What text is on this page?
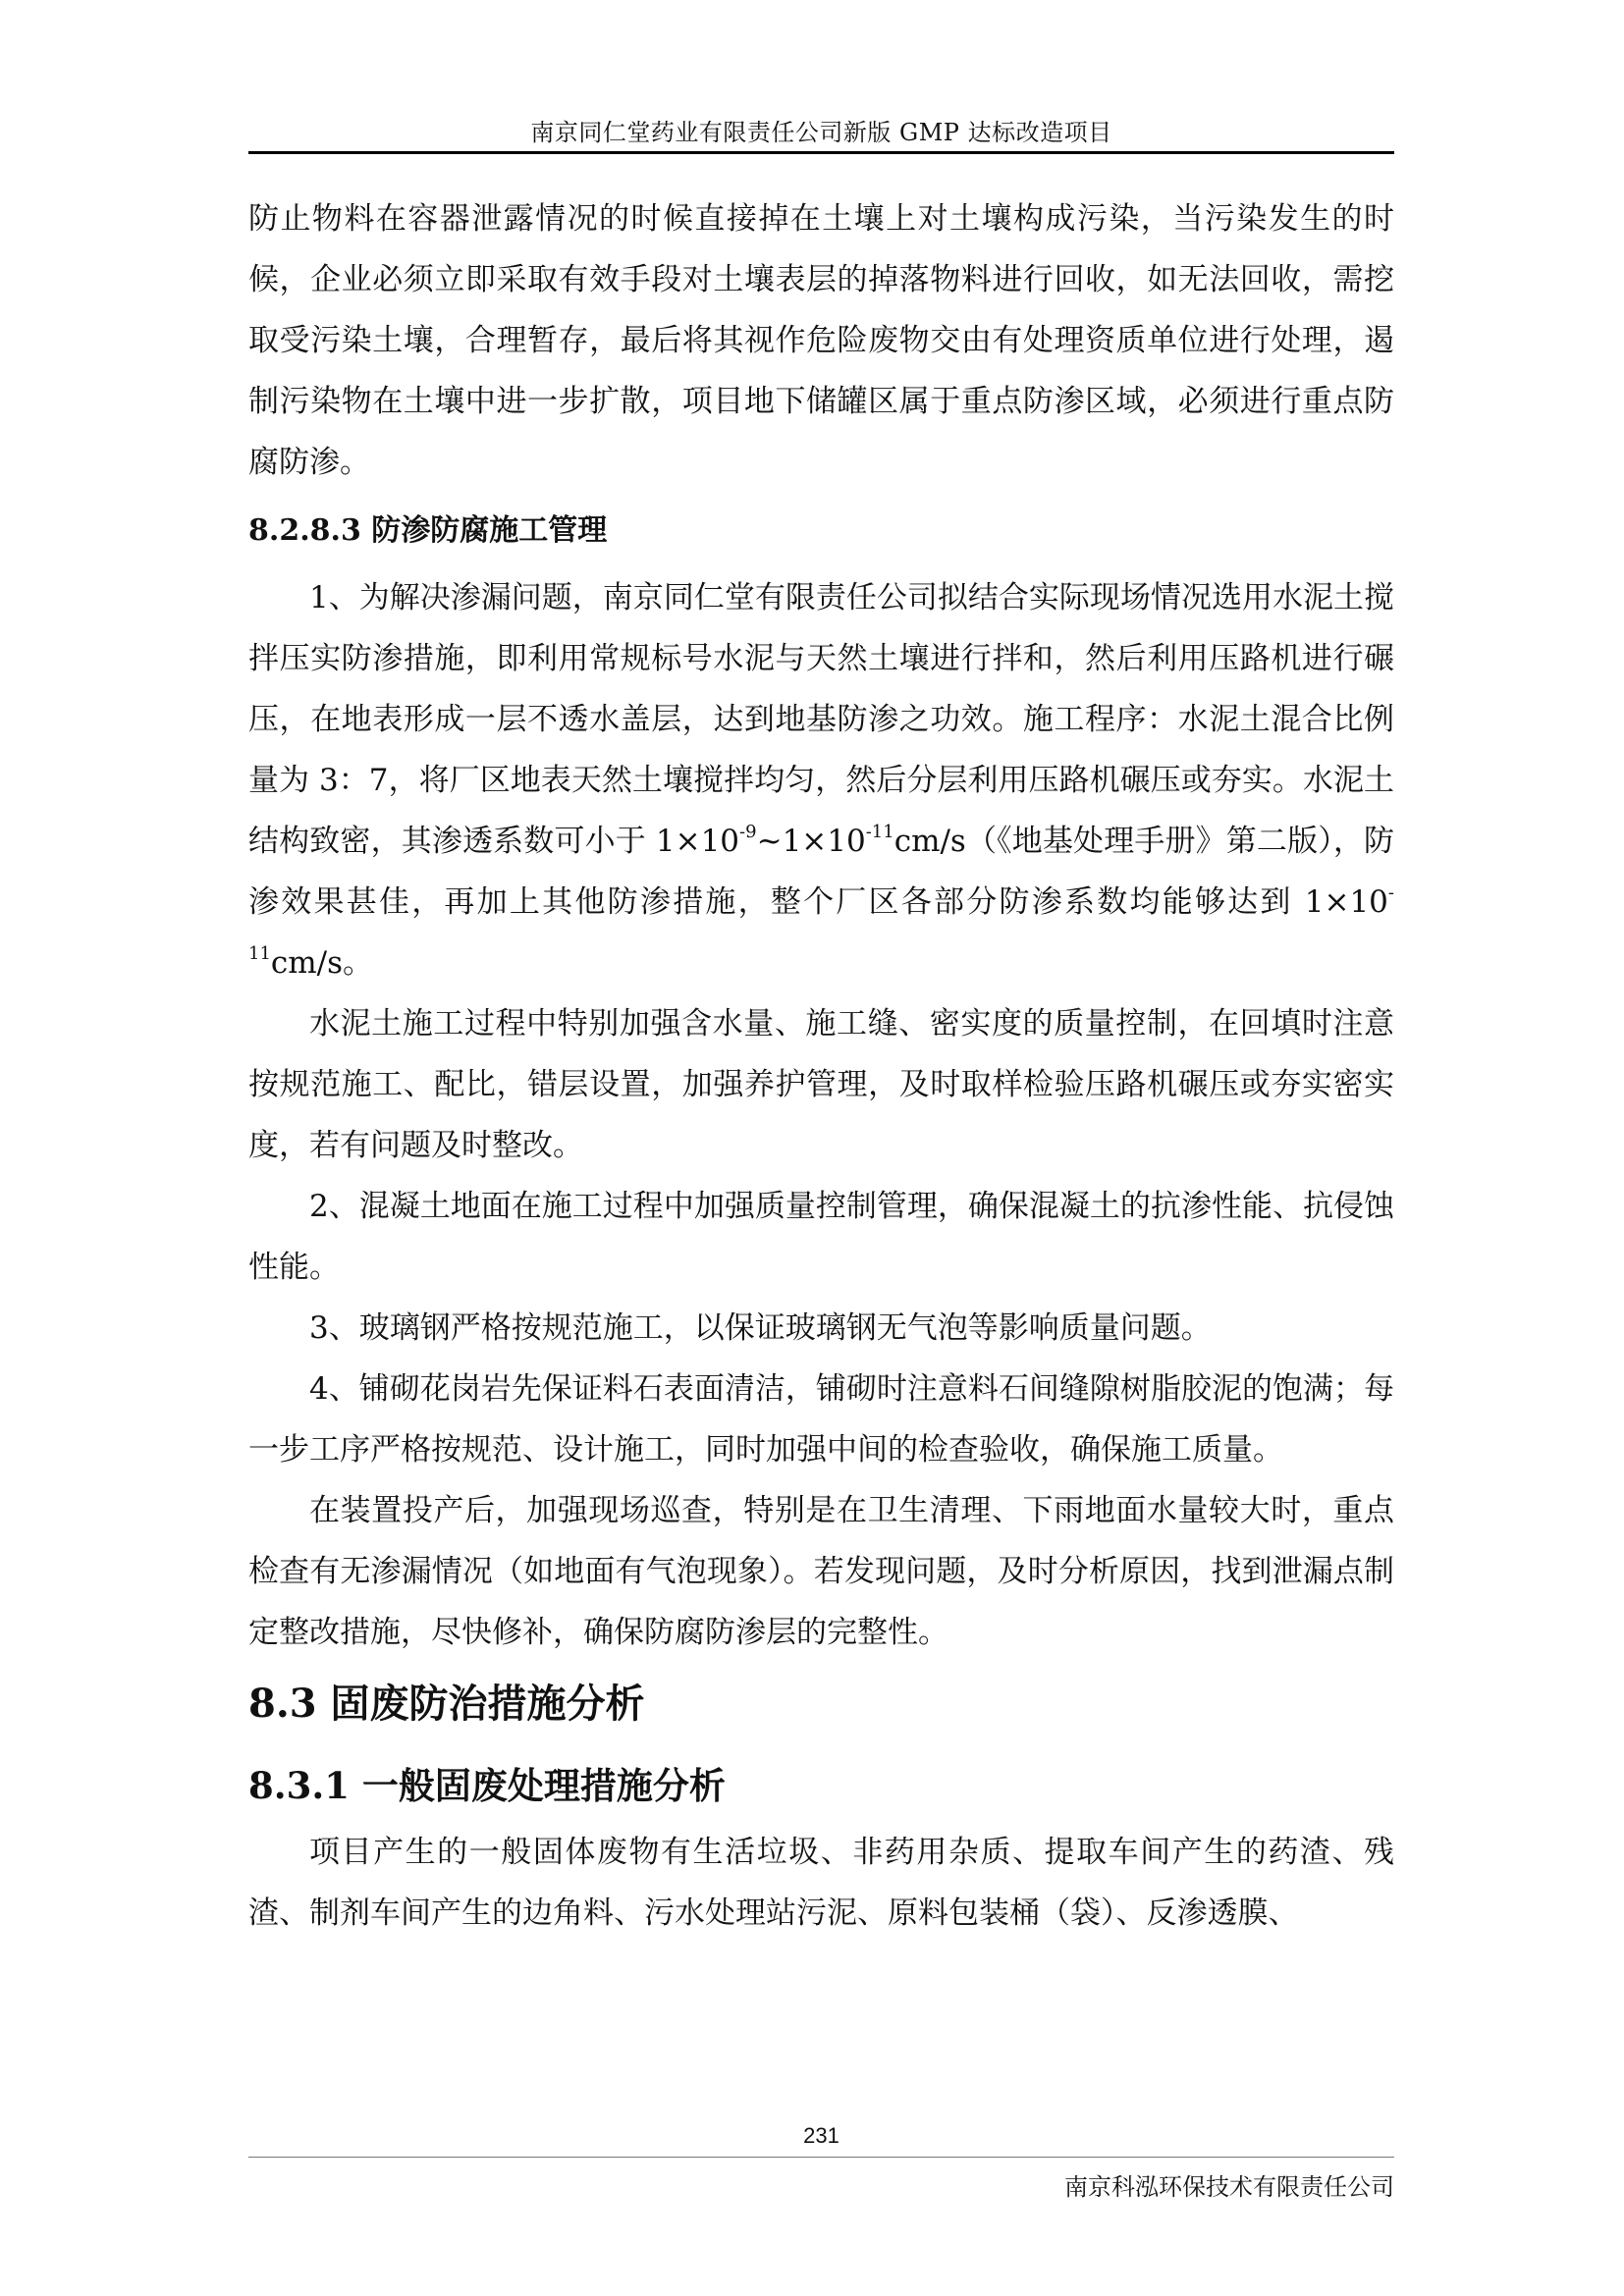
南京同仁堂药业有限责任公司新版 GMP 达标改造项目

防止物料在容器泄露情况的时候直接掉在土壤上对土壤构成污染，当污染发生的时候，企业必须立即采取有效手段对土壤表层的掉落物料进行回收，如无法回收，需挖取受污染土壤，合理暂存，最后将其视作危险废物交由有处理资质单位进行处理，遏制污染物在土壤中进一步扩散，项目地下储罐区属于重点防渗区域，必须进行重点防腐防渗。

8.2.8.3 防渗防腐施工管理

1、为解决渗漏问题，南京同仁堂有限责任公司拟结合实际现场情况选用水泥土搅拌压实防渗措施，即利用常规标号水泥与天然土壤进行拌和，然后利用压路机进行碾压，在地表形成一层不透水盖层，达到地基防渗之功效。施工程序：水泥土混合比例量为 3：7，将厂区地表天然土壤搅拌均匀，然后分层利用压路机碾压或夯实。水泥土结构致密，其渗透系数可小于 $1\times 10^{-9}\sim 1\times 10^{-11}cm/s$（《地基处理手册》第二版），防渗效果甚佳，再加上其他防渗措施，整个厂区各部分防渗系数均能够达到 $1\times 10^{-11}cm/s$。

水泥土施工过程中特别加强含水量、施工缝、密实度的质量控制，在回填时注意按规范施工、配比，错层设置，加强养护管理，及时取样检验压路机碾压或夯实密实度，若有问题及时整改。

2、混凝土地面在施工过程中加强质量控制管理，确保混凝土的抗渗性能、抗侵蚀性能。

3、玻璃钢严格按规范施工，以保证玻璃钢无气泡等影响质量问题。

4、铺砌花岗岩先保证料石表面清洁，铺砌时注意料石间缝隙树脂胶泥的饱满；每一步工序严格按规范、设计施工，同时加强中间的检查验收，确保施工质量。

在装置投产后，加强现场巡查，特别是在卫生清理、下雨地面水量较大时，重点检查有无渗漏情况（如地面有气泡现象）。若发现问题，及时分析原因，找到泄漏点制定整改措施，尽快修补，确保防腐防渗层的完整性。

8.3 固废防治措施分析
8.3.1 一般固废处理措施分析

项目产生的一般固体废物有生活垃圾、非药用杂质、提取车间产生的药渣、残渣、制剂车间产生的边角料、污水处理站污泥、原料包装桶（袋）、反渗透膜、

231
南京科泓环保技术有限责任公司
